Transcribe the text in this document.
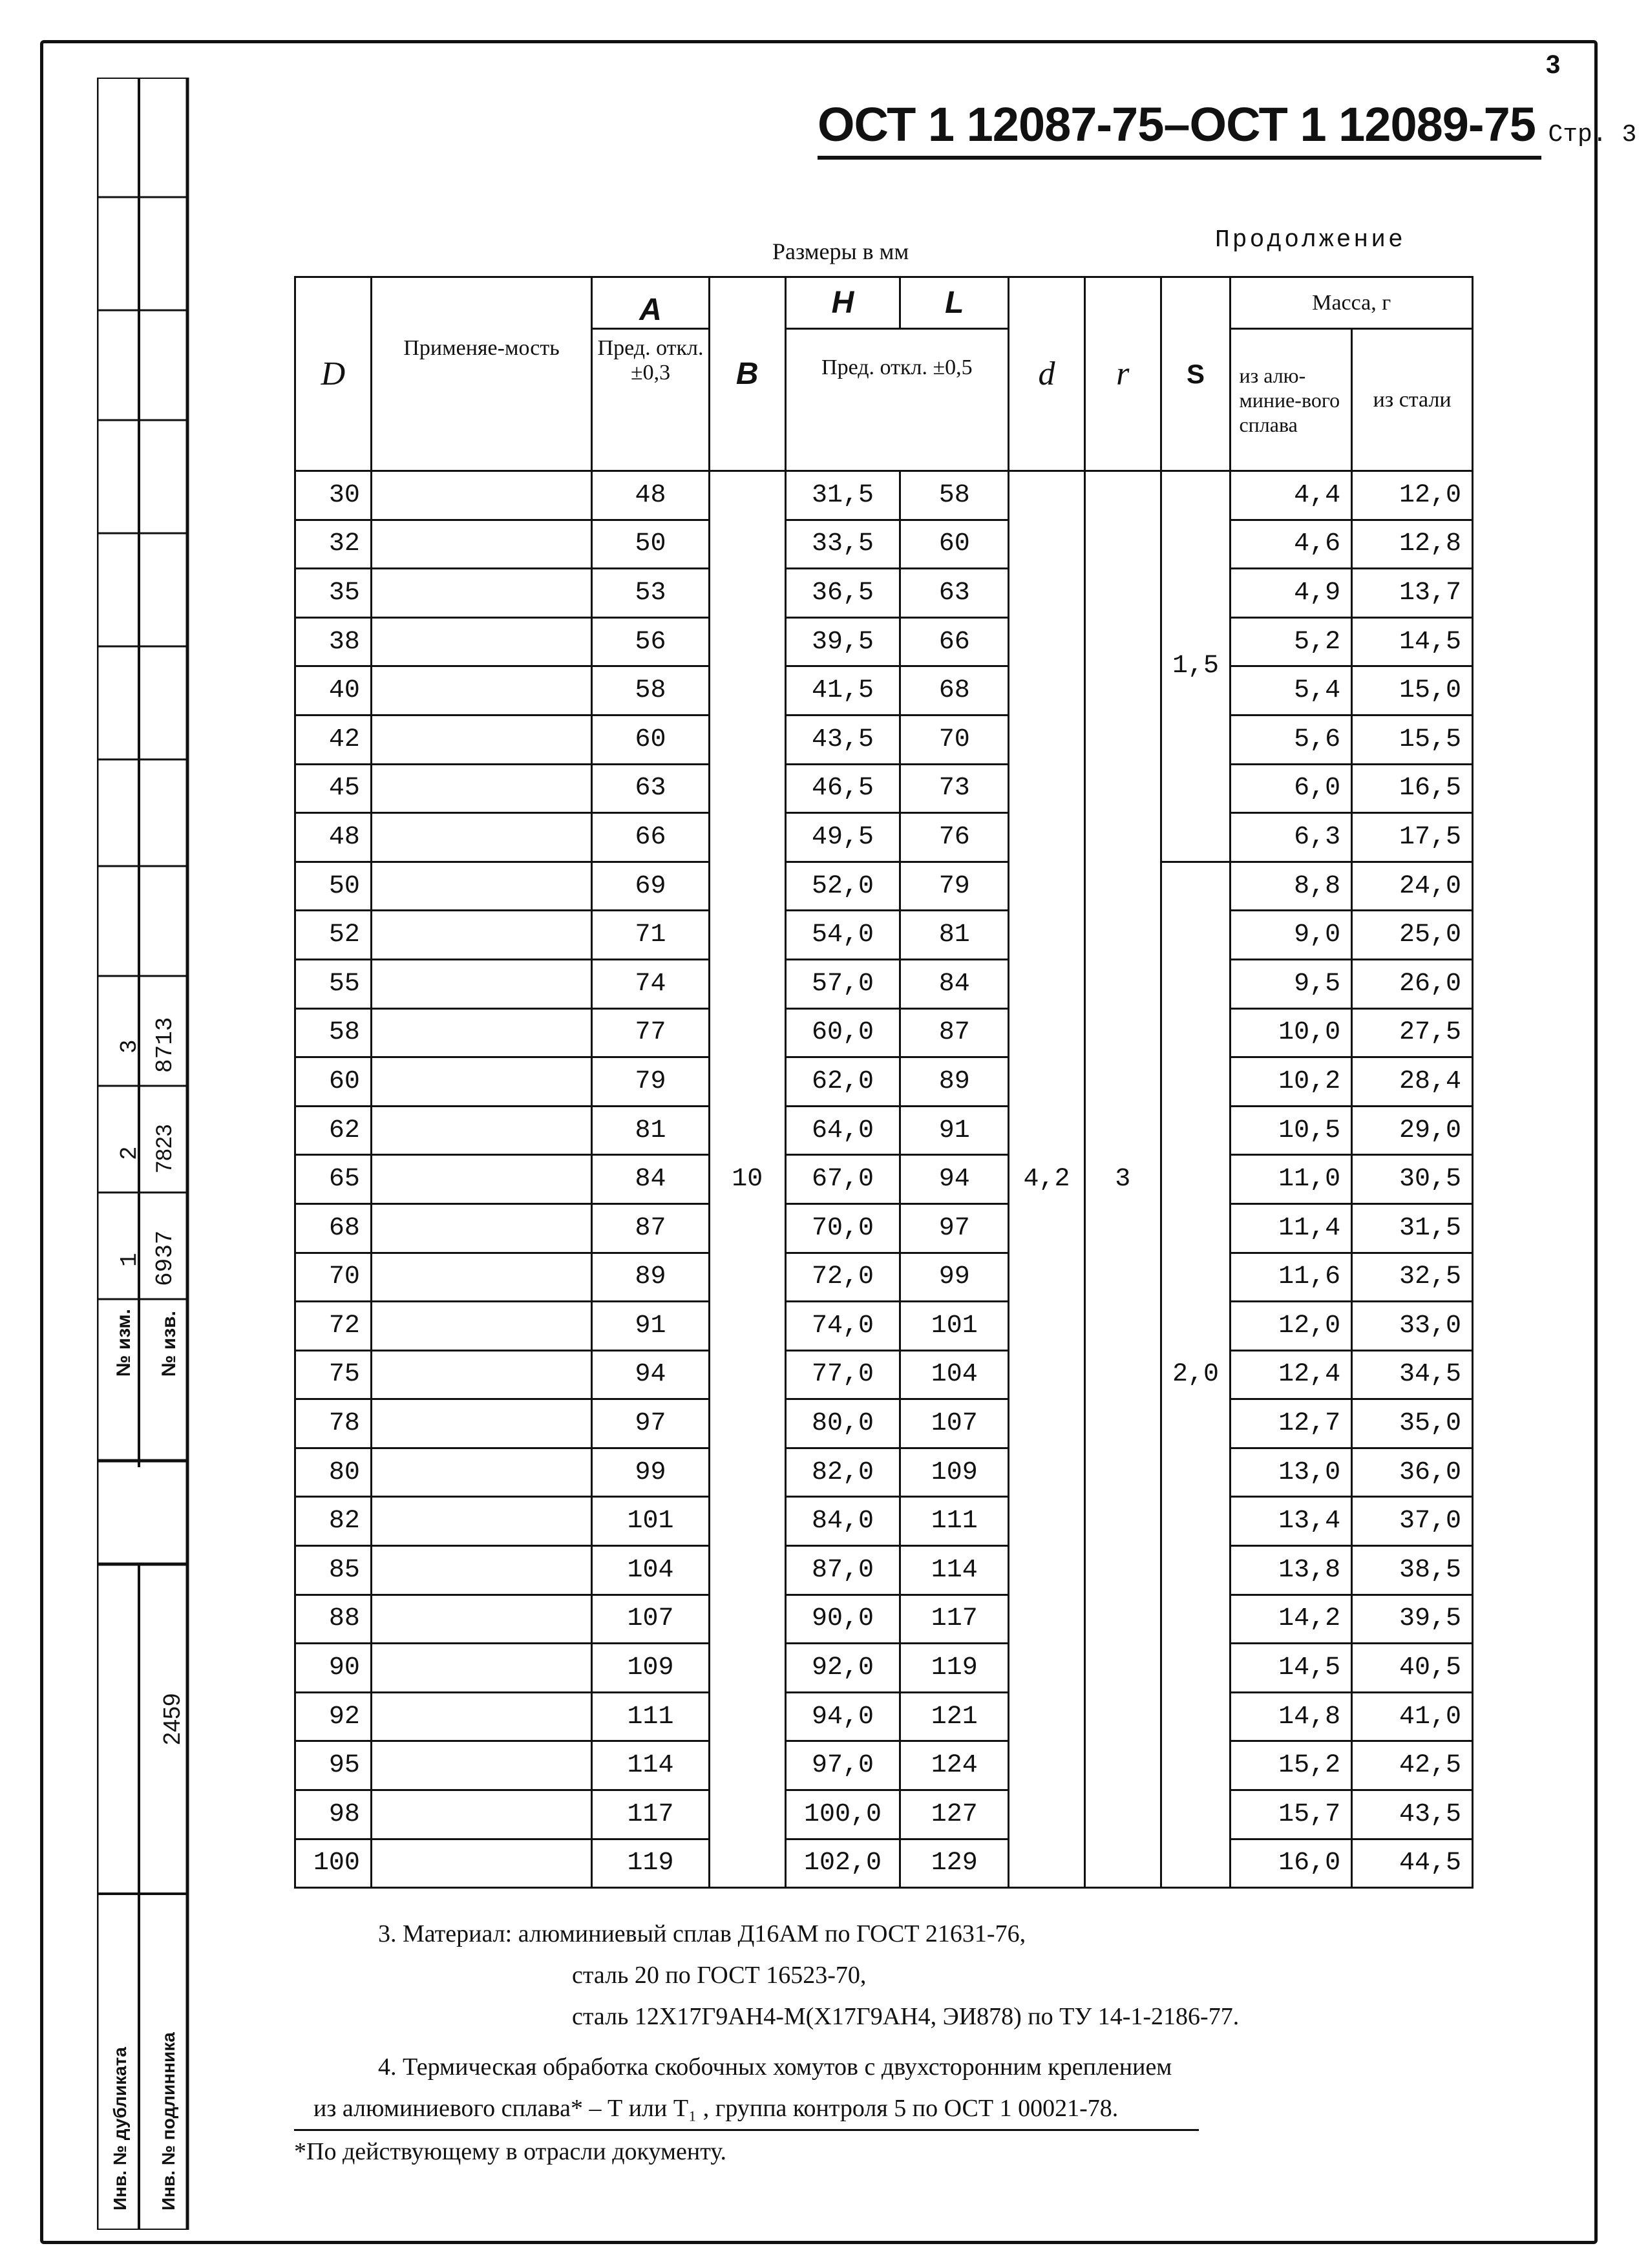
3
3 8713
2 7823
1 6937
№ изм. № изв.
2459
Инв. № дубликата Инв. № подлинника
ОСТ 1 12087-75–ОСТ 1 12089-75 Стр. 3
Размеры в мм	Продолжение
D	Применяе-мость	A	B	H	L	d	r	S	Масса, г	
		Пред. откл. ±0,3		Пред. откл. ±0,5					из алю-миние-вого сплава	из стали

30		48	10	31,5	58	4,2	3	1,5	4,4	12,0
32		50		33,5	60				4,6	12,8
35		53		36,5	63				4,9	13,7
38		56		39,5	66				5,2	14,5
40		58		41,5	68				5,4	15,0
42		60		43,5	70				5,6	15,5
45		63		46,5	73				6,0	16,5
48		66		49,5	76				6,3	17,5
50		69		52,0	79			2,0	8,8	24,0
52		71		54,0	81				9,0	25,0
55		74		57,0	84				9,5	26,0
58		77		60,0	87				10,0	27,5
60		79		62,0	89				10,2	28,4
62		81		64,0	91				10,5	29,0
65		84		67,0	94				11,0	30,5
68		87		70,0	97				11,4	31,5
70		89		72,0	99				11,6	32,5
72		91		74,0	101				12,0	33,0
75		94		77,0	104				12,4	34,5
78		97		80,0	107				12,7	35,0
80		99		82,0	109				13,0	36,0
82		101		84,0	111				13,4	37,0
85		104		87,0	114				13,8	38,5
88		107		90,0	117				14,2	39,5
90		109		92,0	119				14,5	40,5
92		111		94,0	121				14,8	41,0
95		114		97,0	124				15,2	42,5
98		117		100,0	127				15,7	43,5
100		119		102,0	129				16,0	44,5
3. Материал: алюминиевый сплав Д16АМ по ГОСТ 21631-76,
сталь 20 по ГОСТ 16523-70,
сталь 12Х17Г9АН4-М(Х17Г9АН4, ЭИ878) по ТУ 14-1-2186-77.
4. Термическая обработка скобочных хомутов с двухсторонним креплением
из алюминиевого сплава* – Т или Т₁ , группа контроля 5 по ОСТ 1 00021-78.
*По действующему в отрасли документу.
